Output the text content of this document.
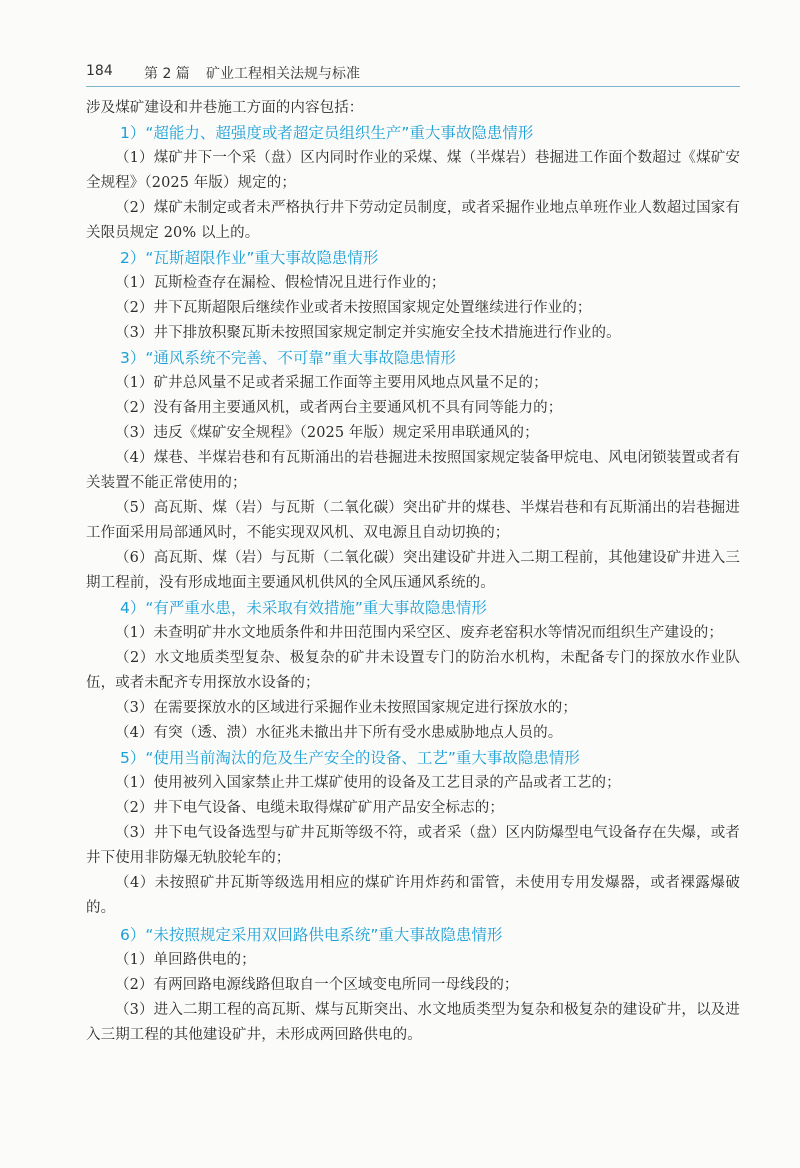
184 第 2 篇 矿业工程相关法规与标准

涉及煤矿建设和井巷施工方面的内容包括：

1）“超能力、超强度或者超定员组织生产”重大事故隐患情形

（1）煤矿井下一个采（盘）区内同时作业的采煤、煤（半煤岩）巷掘进工作面个数超过《煤矿安全规程》（2025 年版）规定的；

（2）煤矿未制定或者未严格执行井下劳动定员制度，或者采掘作业地点单班作业人数超过国家有关限员规定 20% 以上的。

2）“瓦斯超限作业”重大事故隐患情形

（1）瓦斯检查存在漏检、假检情况且进行作业的；

（2）井下瓦斯超限后继续作业或者未按照国家规定处置继续进行作业的；

（3）井下排放积聚瓦斯未按照国家规定制定并实施安全技术措施进行作业的。

3）“通风系统不完善、不可靠”重大事故隐患情形

（1）矿井总风量不足或者采掘工作面等主要用风地点风量不足的；

（2）没有备用主要通风机，或者两台主要通风机不具有同等能力的；

（3）违反《煤矿安全规程》（2025 年版）规定采用串联通风的；

（4）煤巷、半煤岩巷和有瓦斯涌出的岩巷掘进未按照国家规定装备甲烷电、风电闭锁装置或者有关装置不能正常使用的；

（5）高瓦斯、煤（岩）与瓦斯（二氧化碳）突出矿井的煤巷、半煤岩巷和有瓦斯涌出的岩巷掘进工作面采用局部通风时，不能实现双风机、双电源且自动切换的；

（6）高瓦斯、煤（岩）与瓦斯（二氧化碳）突出建设矿井进入二期工程前，其他建设矿井进入三期工程前，没有形成地面主要通风机供风的全风压通风系统的。

4）“有严重水患，未采取有效措施”重大事故隐患情形

（1）未查明矿井水文地质条件和井田范围内采空区、废弃老窑积水等情况而组织生产建设的；

（2）水文地质类型复杂、极复杂的矿井未设置专门的防治水机构，未配备专门的探放水作业队伍，或者未配齐专用探放水设备的；

（3）在需要探放水的区域进行采掘作业未按照国家规定进行探放水的；

（4）有突（透、溃）水征兆未撤出井下所有受水患威胁地点人员的。

5）“使用当前淘汰的危及生产安全的设备、工艺”重大事故隐患情形

（1）使用被列入国家禁止井工煤矿使用的设备及工艺目录的产品或者工艺的；

（2）井下电气设备、电缆未取得煤矿矿用产品安全标志的；

（3）井下电气设备选型与矿井瓦斯等级不符，或者采（盘）区内防爆型电气设备存在失爆，或者井下使用非防爆无轨胶轮车的；

（4）未按照矿井瓦斯等级选用相应的煤矿许用炸药和雷管，未使用专用发爆器，或者裸露爆破的。

6）“未按照规定采用双回路供电系统”重大事故隐患情形

（1）单回路供电的；

（2）有两回路电源线路但取自一个区域变电所同一母线段的；

（3）进入二期工程的高瓦斯、煤与瓦斯突出、水文地质类型为复杂和极复杂的建设矿井，以及进入三期工程的其他建设矿井，未形成两回路供电的。
